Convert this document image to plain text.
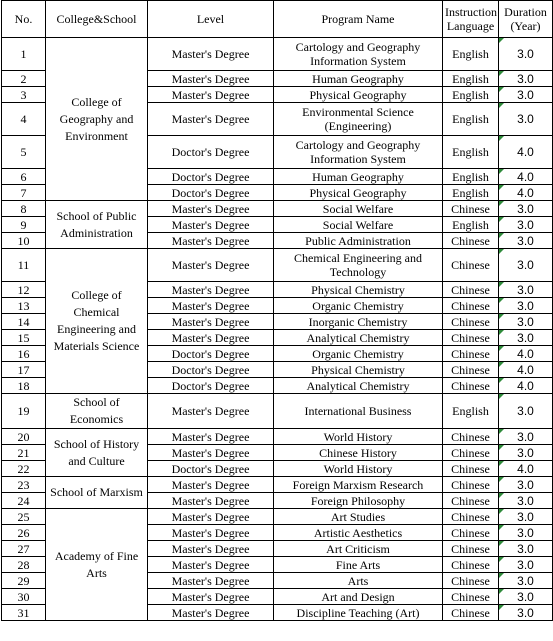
No.	College&School	Level	Program Name	Instruction Language	Duration (Year)
1	College of Geography and Environment	Master's Degree	Cartology and Geography Information System	English	3.0
2		Master's Degree	Human Geography	English	3.0
3		Master's Degree	Physical Geography	English	3.0
4		Master's Degree	Environmental Science (Engineering)	English	3.0
5		Doctor's Degree	Cartology and Geography Information System	English	4.0
6		Doctor's Degree	Human Geography	English	4.0
7		Doctor's Degree	Physical Geography	English	4.0
8	School of Public Administration	Master's Degree	Social Welfare	Chinese	3.0
9		Master's Degree	Social Welfare	English	3.0
10		Master's Degree	Public Administration	Chinese	3.0
11	College of Chemical Engineering and Materials Science	Master's Degree	Chemical Engineering and Technology	Chinese	3.0
12		Master's Degree	Physical Chemistry	Chinese	3.0
13		Master's Degree	Organic Chemistry	Chinese	3.0
14		Master's Degree	Inorganic Chemistry	Chinese	3.0
15		Master's Degree	Analytical Chemistry	Chinese	3.0
16		Doctor's Degree	Organic Chemistry	Chinese	4.0
17		Doctor's Degree	Physical Chemistry	Chinese	4.0
18		Doctor's Degree	Analytical Chemistry	Chinese	4.0
19	School of Economics	Master's Degree	International Business	English	3.0
20	School of History and Culture	Master's Degree	World History	Chinese	3.0
21		Master's Degree	Chinese History	Chinese	3.0
22		Doctor's Degree	World History	Chinese	4.0
23	School of Marxism	Master's Degree	Foreign Marxism Research	Chinese	3.0
24		Master's Degree	Foreign Philosophy	Chinese	3.0
25	Academy of Fine Arts	Master's Degree	Art Studies	Chinese	3.0
26		Master's Degree	Artistic Aesthetics	Chinese	3.0
27		Master's Degree	Art Criticism	Chinese	3.0
28		Master's Degree	Fine Arts	Chinese	3.0
29		Master's Degree	Arts	Chinese	3.0
30		Master's Degree	Art and Design	Chinese	3.0
31		Master's Degree	Discipline Teaching (Art)	Chinese	3.0
